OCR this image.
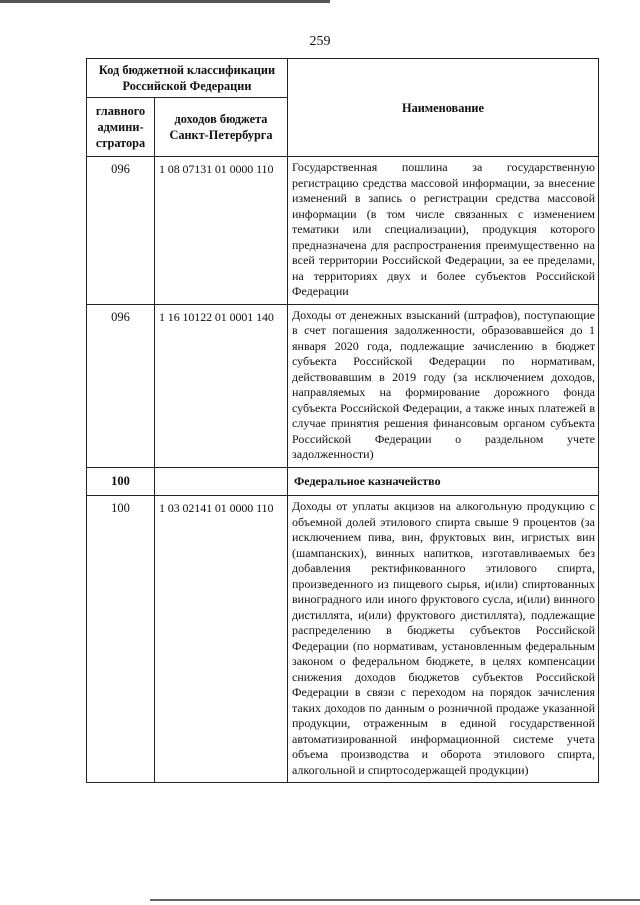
259
Код бюджетной классификации Российской Федерации		Наименование
главного админи-стратора	доходов бюджета Санкт-Петербурга	
096	1 08 07131 01 0000 110	Государственная пошлина за государственную регистрацию средства массовой информации, за внесение изменений в запись о регистрации средства массовой информации (в том числе связанных с изменением тематики или специализации), продукция которого предназначена для распространения преимущественно на всей территории Российской Федерации, за ее пределами, на территориях двух и более субъектов Российской Федерации
096	1 16 10122 01 0001 140	Доходы от денежных взысканий (штрафов), поступающие в счет погашения задолженности, образовавшейся до 1 января 2020 года, подлежащие зачислению в бюджет субъекта Российской Федерации по нормативам, действовавшим в 2019 году (за исключением доходов, направляемых на формирование дорожного фонда субъекта Российской Федерации, а также иных платежей в случае принятия решения финансовым органом субъекта Российской Федерации о раздельном учете задолженности)
100		Федеральное казначейство
100	1 03 02141 01 0000 110	Доходы от уплаты акцизов на алкогольную продукцию с объемной долей этилового спирта свыше 9 процентов (за исключением пива, вин, фруктовых вин, игристых вин (шампанских), винных напитков, изготавливаемых без добавления ректификованного этилового спирта, произведенного из пищевого сырья, и(или) спиртованных виноградного или иного фруктового сусла, и(или) винного дистиллята, и(или) фруктового дистиллята), подлежащие распределению в бюджеты субъектов Российской Федерации (по нормативам, установленным федеральным законом о федеральном бюджете, в целях компенсации снижения доходов бюджетов субъектов Российской Федерации в связи с переходом на порядок зачисления таких доходов по данным о розничной продаже указанной продукции, отраженным в единой государственной автоматизированной информационной системе учета объема производства и оборота этилового спирта, алкогольной и спиртосодержащей продукции)
